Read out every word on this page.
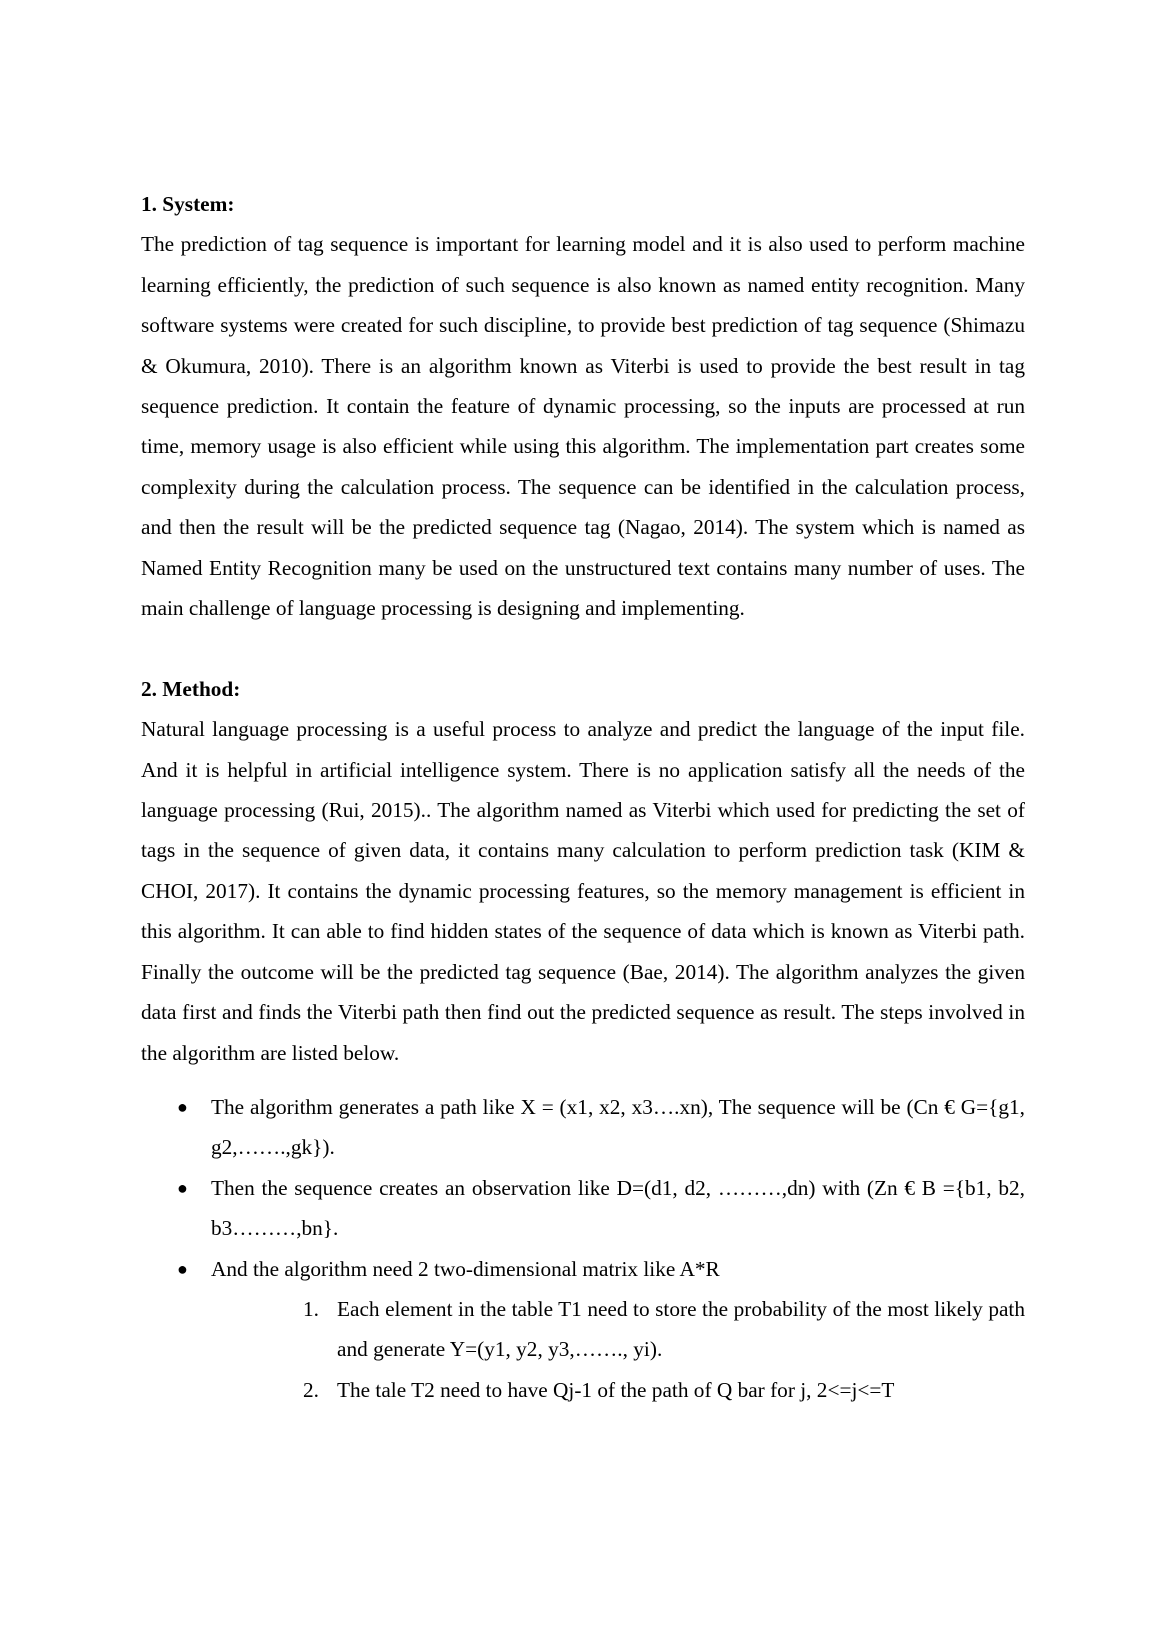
1. System:

The prediction of tag sequence is important for learning model and it is also used to perform machine learning efficiently, the prediction of such sequence is also known as named entity recognition. Many software systems were created for such discipline, to provide best prediction of tag sequence (Shimazu & Okumura, 2010). There is an algorithm known as Viterbi is used to provide the best result in tag sequence prediction. It contain the feature of dynamic processing, so the inputs are processed at run time, memory usage is also efficient while using this algorithm. The implementation part creates some complexity during the calculation process. The sequence can be identified in the calculation process, and then the result will be the predicted sequence tag (Nagao, 2014). The system which is named as Named Entity Recognition many be used on the unstructured text contains many number of uses. The main challenge of language processing is designing and implementing.

2. Method:

Natural language processing is a useful process to analyze and predict the language of the input file. And it is helpful in artificial intelligence system. There is no application satisfy all the needs of the language processing (Rui, 2015).. The algorithm named as Viterbi which used for predicting the set of tags in the sequence of given data, it contains many calculation to perform prediction task (KIM & CHOI, 2017). It contains the dynamic processing features, so the memory management is efficient in this algorithm. It can able to find hidden states of the sequence of data which is known as Viterbi path. Finally the outcome will be the predicted tag sequence (Bae, 2014). The algorithm analyzes the given data first and finds the Viterbi path then find out the predicted sequence as result. The steps involved in the algorithm are listed below.

● The algorithm generates a path like X = (x1, x2, x3….xn), The sequence will be (Cn € G={g1, g2,…….,gk}).
● Then the sequence creates an observation like D=(d1, d2, ………,dn) with (Zn € B ={b1, b2, b3………,bn}.
● And the algorithm need 2 two-dimensional matrix like A*R
1. Each element in the table T1 need to store the probability of the most likely path and generate Y=(y1, y2, y3,……., yi).
2. The tale T2 need to have Qj-1 of the path of Q bar for j, 2<=j<=T
